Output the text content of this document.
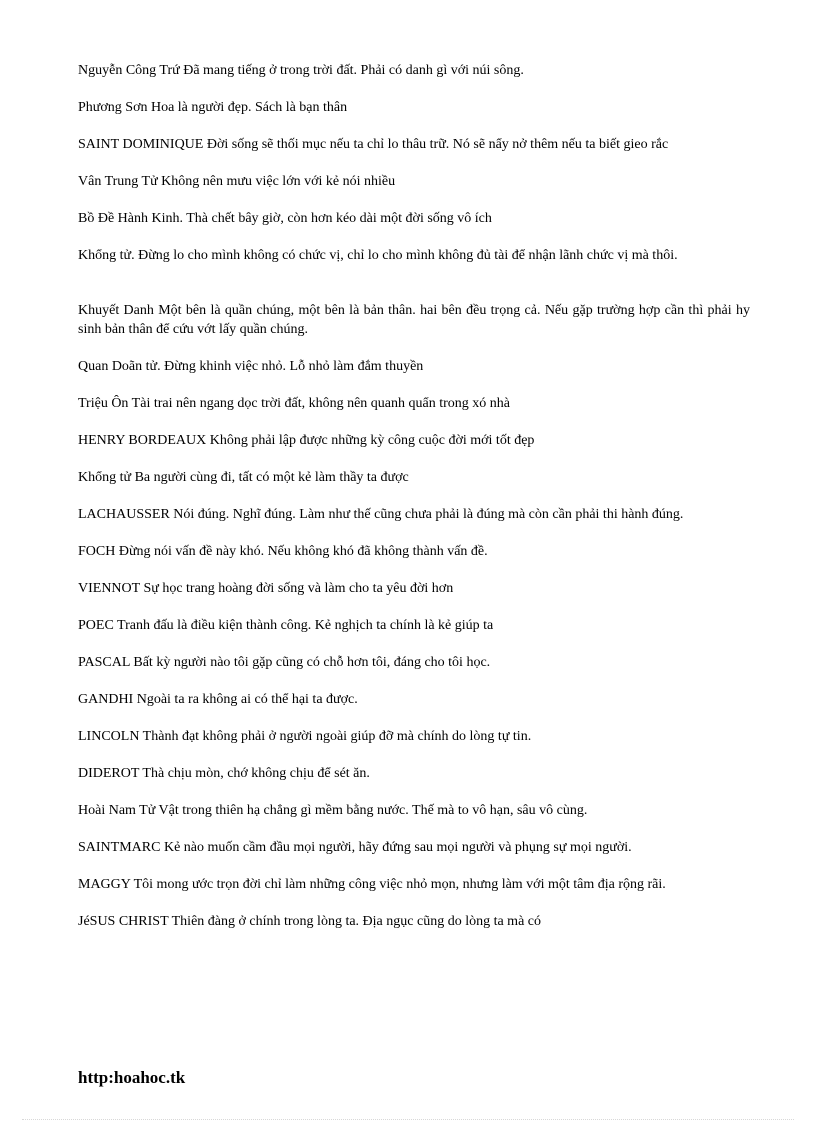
Nguyễn Công Trứ Đã mang tiếng ở trong trời đất. Phải có danh gì với núi sông.

Phương Sơn Hoa là người đẹp. Sách là bạn thân

SAINT DOMINIQUE Đời sống sẽ thối mục nếu ta chỉ lo thâu trữ. Nó sẽ nẩy nở thêm nếu ta biết gieo rắc

Vân Trung Tử Không nên mưu việc lớn với kẻ nói nhiều

Bồ Đề Hành Kinh. Thà chết bây giờ, còn hơn kéo dài một đời sống vô ích

Khổng tử. Đừng lo cho mình không có chức vị, chỉ lo cho mình không đủ tài để nhận lãnh chức vị mà thôi.

Khuyết Danh Một bên là quần chúng, một bên là bản thân. hai bên đều trọng cả. Nếu gặp trường hợp cần thì phải hy sinh bản thân để cứu vớt lấy quần chúng.

Quan Doãn tử. Đừng khinh việc nhỏ. Lỗ nhỏ làm đắm thuyền

Triệu Ôn Tài trai nên ngang dọc trời đất, không nên quanh quẩn trong xó nhà

HENRY BORDEAUX Không phải lập được những kỳ công cuộc đời mới tốt đẹp

Khổng tử Ba người cùng đi, tất có một kẻ làm thầy ta được

LACHAUSSER Nói đúng. Nghĩ đúng. Làm như thế cũng chưa phải là đúng mà còn cần phải thi hành đúng.

FOCH Đừng nói vấn đề này khó. Nếu không khó đã không thành vấn đề.

VIENNOT Sự học trang hoàng đời sống và làm cho ta yêu đời hơn

POEC Tranh đấu là điều kiện thành công. Kẻ nghịch ta chính là kẻ giúp ta

PASCAL Bất kỳ người nào tôi gặp cũng có chỗ hơn tôi, đáng cho tôi học.

GANDHI Ngoài ta ra không ai có thể hại ta được.

LINCOLN Thành đạt không phải ở người ngoài giúp đỡ mà chính do lòng tự tin.

DIDEROT Thà chịu mòn, chớ không chịu để sét ăn.

Hoài Nam Tử Vật trong thiên hạ chẳng gì mềm bằng nước. Thế mà to vô hạn, sâu vô cùng.

SAINTMARC Kẻ nào muốn cầm đầu mọi người, hãy đứng sau mọi người và phụng sự mọi người.

MAGGY Tôi mong ước trọn đời chỉ làm những công việc nhỏ mọn, nhưng làm với một tâm địa rộng rãi.

JéSUS CHRIST Thiên đàng ở chính trong lòng ta. Địa ngục cũng do lòng ta mà có

http:hoahoc.tk
